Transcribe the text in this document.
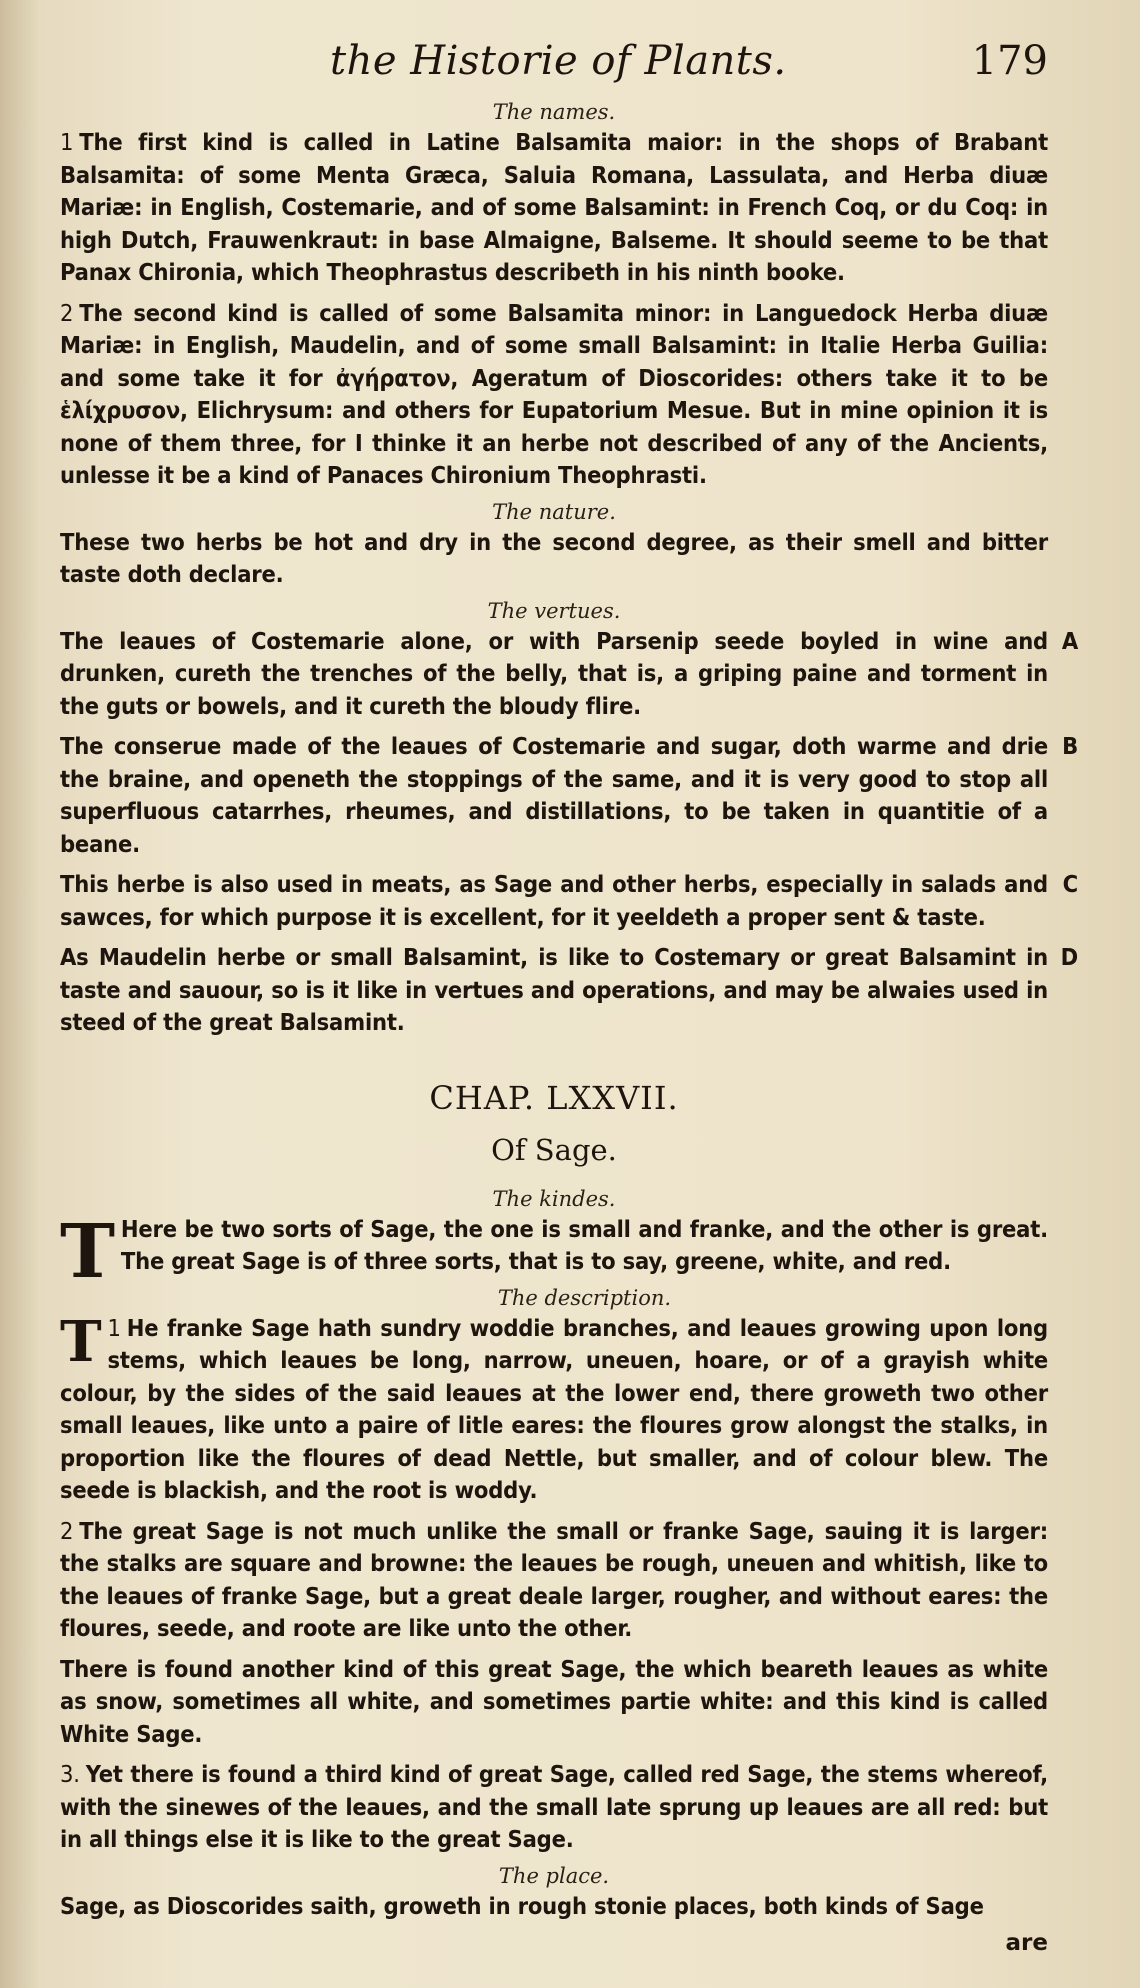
the Historie of Plants.	179
The names.

1 The first kind is called in Latine Balsamita maior: in the shops of Brabant Balsamita: of some Menta Græca, Saluia Romana, Lassulata, and Herba diuæ Mariæ: in English, Costemarie, and of some Balsamint: in French Coq, or du Coq: in high Dutch, Frauwenkraut: in base Almaigne, Balseme. It should seeme to be that Panax Chironia, which Theophrastus describeth in his ninth booke.

2 The second kind is called of some Balsamita minor: in Languedock Herba diuæ Mariæ: in English, Maudelin, and of some small Balsamint: in Italie Herba Guilia: and some take it for ἀγήρατον, Ageratum of Dioscorides: others take it to be ἑλίχρυσον, Elichrysum: and others for Eupatorium Mesue. But in mine opinion it is none of them three, for I thinke it an herbe not described of any of the Ancients, unlesse it be a kind of Panaces Chironium Theophrasti.

The nature.

These two herbs be hot and dry in the second degree, as their smell and bitter taste doth declare.

The vertues.

A
The leaues of Costemarie alone, or with Parsenip seede boyled in wine and drunken, cureth the trenches of the belly, that is, a griping paine and torment in the guts or bowels, and it cureth the bloudy flire.

B
The conserue made of the leaues of Costemarie and sugar, doth warme and drie the braine, and openeth the stoppings of the same, and it is very good to stop all superfluous catarrhes, rheumes, and distillations, to be taken in quantitie of a beane.

C
This herbe is also used in meats, as Sage and other herbs, especially in salads and sawces, for which purpose it is excellent, for it yeeldeth a proper sent & taste.

D
As Maudelin herbe or small Balsamint, is like to Costemary or great Balsamint in taste and sauour, so is it like in vertues and operations, and may be alwaies used in steed of the great Balsamint.

CHAP. LXXVII.
Of Sage.
The kindes.

T Here be two sorts of Sage, the one is small and franke, and the other is great. The great Sage is of three sorts, that is to say, greene, white, and red.

The description.

1
T He franke Sage hath sundry woddie branches, and leaues growing upon long stems, which leaues be long, narrow, uneuen, hoare, or of a grayish white colour, by the sides of the said leaues at the lower end, there groweth two other small leaues, like unto a paire of litle eares: the floures grow alongst the stalks, in proportion like the floures of dead Nettle, but smaller, and of colour blew. The seede is blackish, and the root is woddy.

2 The great Sage is not much unlike the small or franke Sage, sauing it is larger: the stalks are square and browne: the leaues be rough, uneuen and whitish, like to the leaues of franke Sage, but a great deale larger, rougher, and without eares: the floures, seede, and roote are like unto the other.

There is found another kind of this great Sage, the which beareth leaues as white as snow, sometimes all white, and sometimes partie white: and this kind is called White Sage.

3. Yet there is found a third kind of great Sage, called red Sage, the stems whereof, with the sinewes of the leaues, and the small late sprung up leaues are all red: but in all things else it is like to the great Sage.

The place.

Sage, as Dioscorides saith, groweth in rough stonie places, both kinds of Sage

are
